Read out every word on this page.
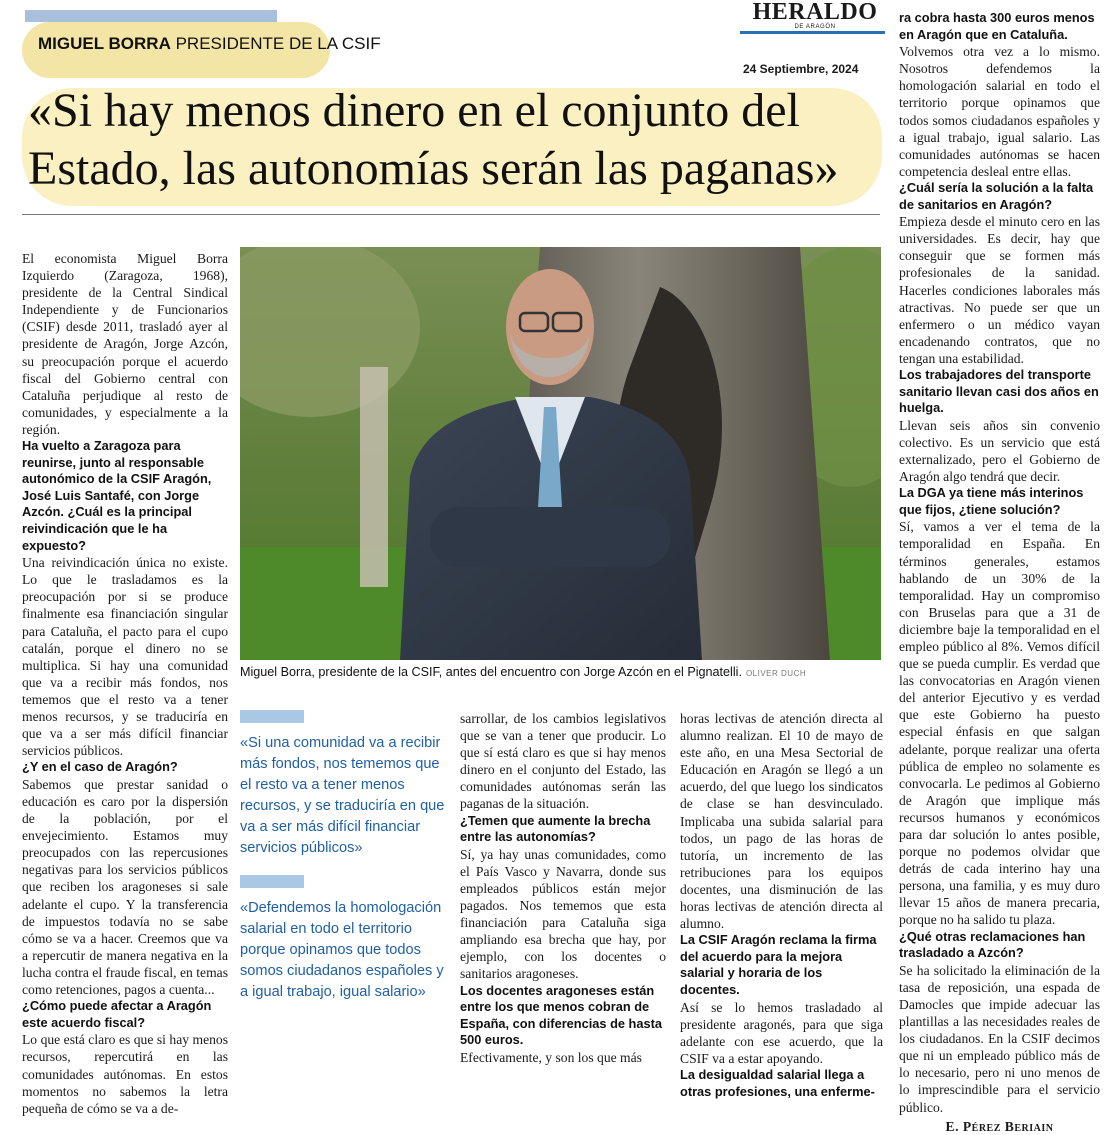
MIGUEL BORRA PRESIDENTE DE LA CSIF
HERALDO
DE ARAGÓN
24 Septiembre, 2024
«Si hay menos dinero en el conjunto del
Estado, las autonomías serán las paganas»

El economista Miguel Borra Izquierdo (Zaragoza, 1968), presidente de la Central Sindical Independiente y de Funcionarios (CSIF) desde 2011, trasladó ayer al presidente de Aragón, Jorge Azcón, su preocupación porque el acuerdo fiscal del Gobierno central con Cataluña perjudique al resto de comunidades, y especialmente a la región.

Ha vuelto a Zaragoza para reunirse, junto al responsable autonómico de la CSIF Aragón, José Luis Santafé, con Jorge Azcón. ¿Cuál es la principal reivindicación que le ha expuesto?

Una reivindicación única no existe. Lo que le trasladamos es la preocupación por si se produce finalmente esa financiación singular para Cataluña, el pacto para el cupo catalán, porque el dinero no se multiplica. Si hay una comunidad que va a recibir más fondos, nos tememos que el resto va a tener menos recursos, y se traduciría en que va a ser más difícil financiar servicios públicos.

¿Y en el caso de Aragón?

Sabemos que prestar sanidad o educación es caro por la dispersión de la población, por el envejecimiento. Estamos muy preocupados con las repercusiones negativas para los servicios públicos que reciben los aragoneses si sale adelante el cupo. Y la transferencia de impuestos todavía no se sabe cómo se va a hacer. Creemos que va a repercutir de manera negativa en la lucha contra el fraude fiscal, en temas como retenciones, pagos a cuenta...

¿Cómo puede afectar a Aragón este acuerdo fiscal?

Lo que está claro es que si hay menos recursos, repercutirá en las comunidades autónomas. En estos momentos no sabemos la letra pequeña de cómo se va a de-

Miguel Borra, presidente de la CSIF, antes del encuentro con Jorge Azcón en el Pignatelli. OLIVER DUCH
«Si una comunidad va a recibir más fondos, nos tememos que el resto va a tener menos recursos, y se traduciría en que va a ser más difícil financiar servicios públicos»
«Defendemos la homologación salarial en todo el territorio porque opinamos que todos somos ciudadanos españoles y a igual trabajo, igual salario»

sarrollar, de los cambios legislativos que se van a tener que producir. Lo que sí está claro es que si hay menos dinero en el conjunto del Estado, las comunidades autónomas serán las paganas de la situación.

¿Temen que aumente la brecha entre las autonomías?

Sí, ya hay unas comunidades, como el País Vasco y Navarra, donde sus empleados públicos están mejor pagados. Nos tememos que esta financiación para Cataluña siga ampliando esa brecha que hay, por ejemplo, con los docentes o sanitarios aragoneses.

Los docentes aragoneses están entre los que menos cobran de España, con diferencias de hasta 500 euros.

Efectivamente, y son los que más

horas lectivas de atención directa al alumno realizan. El 10 de mayo de este año, en una Mesa Sectorial de Educación en Aragón se llegó a un acuerdo, del que luego los sindicatos de clase se han desvinculado. Implicaba una subida salarial para todos, un pago de las horas de tutoría, un incremento de las retribuciones para los equipos docentes, una disminución de las horas lectivas de atención directa al alumno.

La CSIF Aragón reclama la firma del acuerdo para la mejora salarial y horaria de los docentes.

Así se lo hemos trasladado al presidente aragonés, para que siga adelante con ese acuerdo, que la CSIF va a estar apoyando.

La desigualdad salarial llega a otras profesiones, una enferme-

ra cobra hasta 300 euros menos en Aragón que en Cataluña.

Volvemos otra vez a lo mismo. Nosotros defendemos la homologación salarial en todo el territorio porque opinamos que todos somos ciudadanos españoles y a igual trabajo, igual salario. Las comunidades autónomas se hacen competencia desleal entre ellas.

¿Cuál sería la solución a la falta de sanitarios en Aragón?

Empieza desde el minuto cero en las universidades. Es decir, hay que conseguir que se formen más profesionales de la sanidad. Hacerles condiciones laborales más atractivas. No puede ser que un enfermero o un médico vayan encadenando contratos, que no tengan una estabilidad.

Los trabajadores del transporte sanitario llevan casi dos años en huelga.

Llevan seis años sin convenio colectivo. Es un servicio que está externalizado, pero el Gobierno de Aragón algo tendrá que decir.

La DGA ya tiene más interinos que fijos, ¿tiene solución?

Sí, vamos a ver el tema de la temporalidad en España. En términos generales, estamos hablando de un 30% de la temporalidad. Hay un compromiso con Bruselas para que a 31 de diciembre baje la temporalidad en el empleo público al 8%. Vemos difícil que se pueda cumplir. Es verdad que las convocatorias en Aragón vienen del anterior Ejecutivo y es verdad que este Gobierno ha puesto especial énfasis en que salgan adelante, porque realizar una oferta pública de empleo no solamente es convocarla. Le pedimos al Gobierno de Aragón que implique más recursos humanos y económicos para dar solución lo antes posible, porque no podemos olvidar que detrás de cada interino hay una persona, una familia, y es muy duro llevar 15 años de manera precaria, porque no ha salido tu plaza.

¿Qué otras reclamaciones han trasladado a Azcón?

Se ha solicitado la eliminación de la tasa de reposición, una espada de Damocles que impide adecuar las plantillas a las necesidades reales de los ciudadanos. En la CSIF decimos que ni un empleado público más de lo necesario, pero ni uno menos de lo imprescindible para el servicio público.

E. Pérez Beriain
